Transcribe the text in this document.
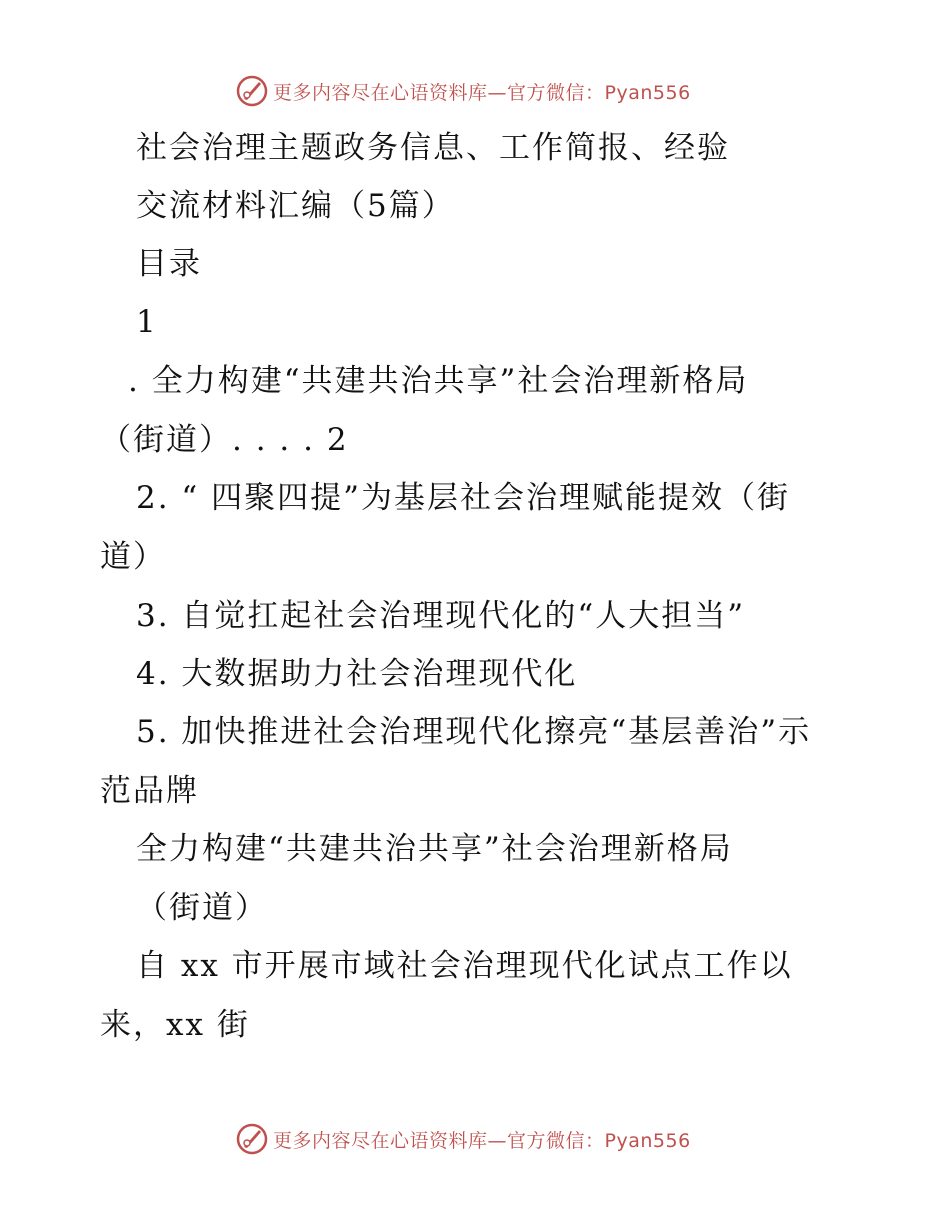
更多内容尽在心语资料库—官方微信：Pyan556
社会治理主题政务信息、工作简报、经验
交流材料汇编（5篇）
目录
1
. 全力构建“共建共治共享”社会治理新格局
（街道）. . . . 2
2. “ 四聚四提”为基层社会治理赋能提效（街
道）
3. 自觉扛起社会治理现代化的“人大担当”
4. 大数据助力社会治理现代化
5. 加快推进社会治理现代化擦亮“基层善治”示
范品牌
全力构建“共建共治共享”社会治理新格局
（街道）
自 xx 市开展市域社会治理现代化试点工作以
来，xx 街
更多内容尽在心语资料库—官方微信：Pyan556
